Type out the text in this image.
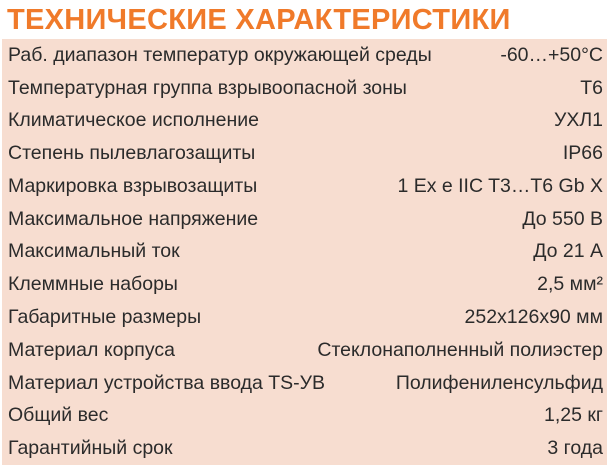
ТЕХНИЧЕСКИЕ ХАРАКТЕРИСТИКИ
Раб. диапазон температур окружающей среды	-60…+50°С
Температурная группа взрывоопасной зоны	Т6
Климатическое исполнение	УХЛ1
Степень пылевлагозащиты	IP66
Маркировка взрывозащиты	1 Ex e IIC T3…T6 Gb X
Максимальное напряжение	До 550 В
Максимальный ток	До 21 А
Клеммные наборы	2,5 мм²
Габаритные размеры	252х126х90 мм
Материал корпуса	Стеклонаполненный полиэстер
Материал устройства ввода TS-УВ	Полифениленсульфид
Общий вес	1,25 кг
Гарантийный срок	3 года
